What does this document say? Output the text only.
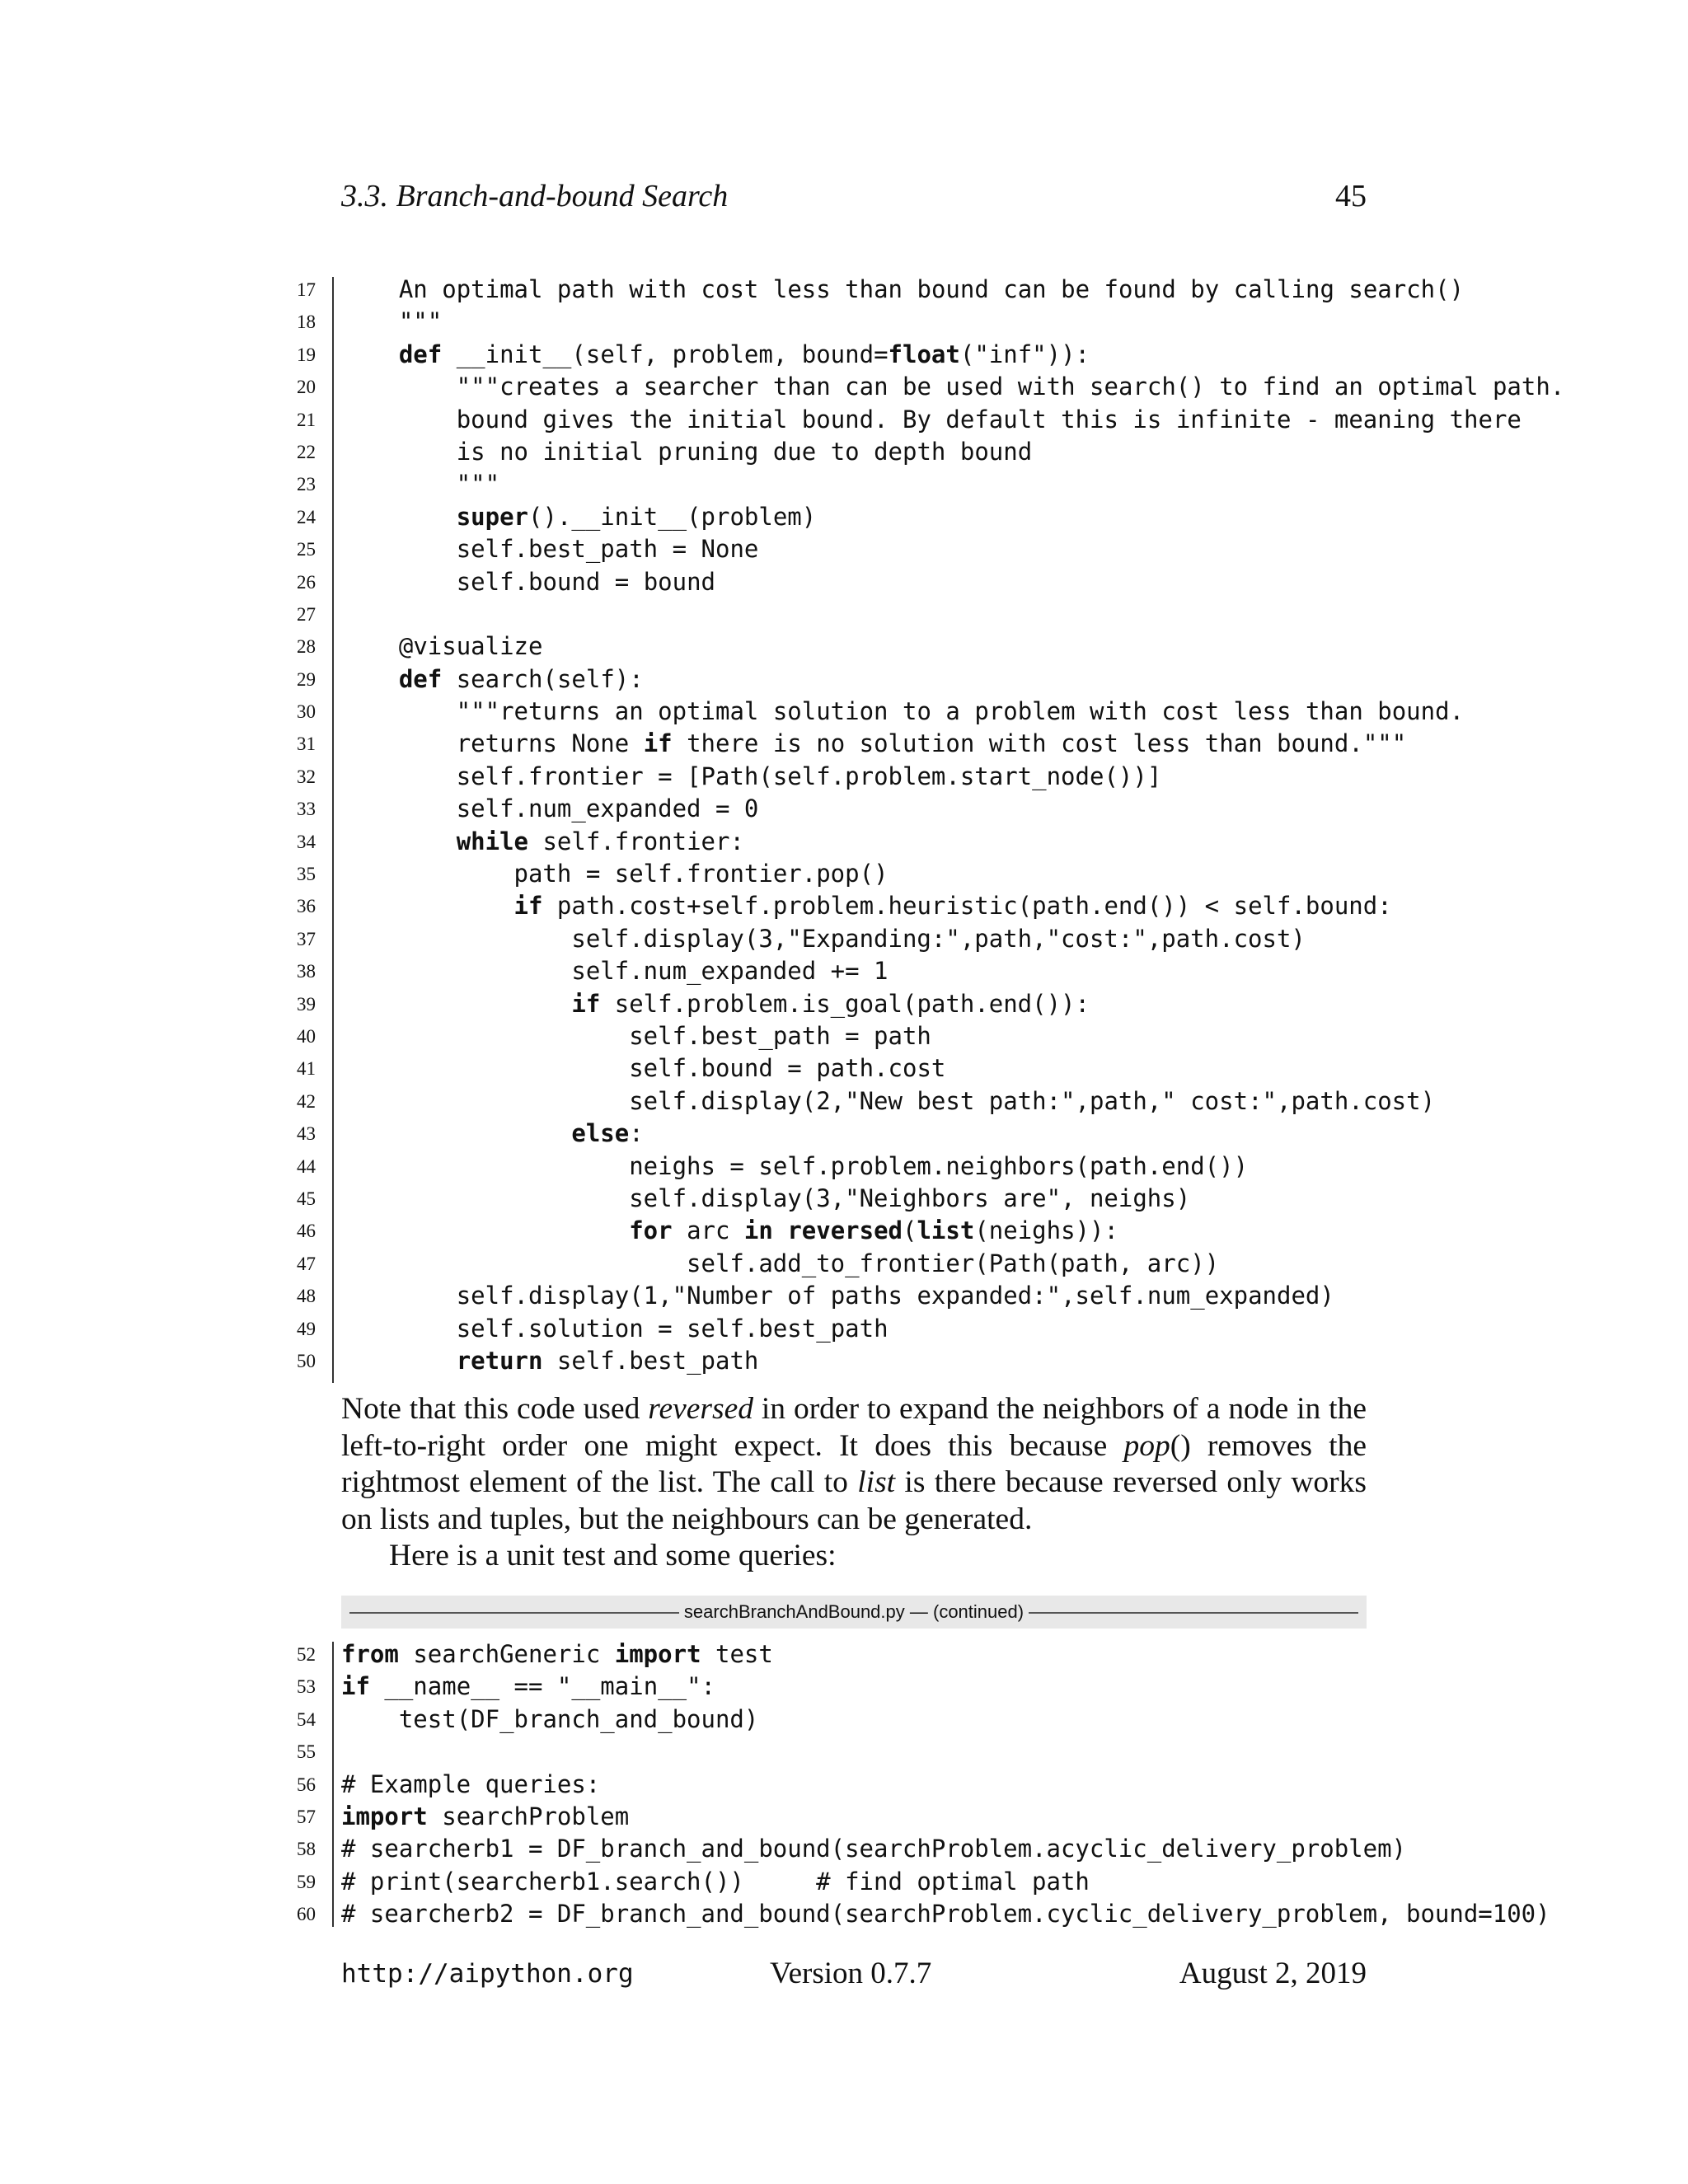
3.3. Branch-and-bound Search	45
17	An optimal path with cost less than bound can be found by calling search()
18 """
19	def __init__(self, problem, bound=float("inf")):
20 """creates a searcher than can be used with search() to find an optimal path.
21	bound gives the initial bound. By default this is infinite - meaning there
22	is no initial pruning due to depth bound
23 """
24	super().__init__(problem)
25	self.best_path = None
26	self.bound = bound
27
28 @visualize
29	def search(self):
30 """returns an optimal solution to a problem with cost less than bound.
31	returns None if there is no solution with cost less than bound."""
32	self.frontier = [Path(self.problem.start_node())]
33	self.num_expanded = 0
34	while self.frontier:
35	path = self.frontier.pop()
36	if path.cost+self.problem.heuristic(path.end()) < self.bound:
37	self.display(3,"Expanding:",path,"cost:",path.cost)
38	self.num_expanded += 1
39	if self.problem.is_goal(path.end()):
40	self.best_path = path
41	self.bound = path.cost
42	self.display(2,"New best path:",path," cost:",path.cost)
43	else:
44	neighs = self.problem.neighbors(path.end())
45	self.display(3,"Neighbors are", neighs)
46	for arc in reversed(list(neighs)):
47	self.add_to_frontier(Path(path, arc))
48	self.display(1,"Number of paths expanded:",self.num_expanded)
49	self.solution = self.best_path
50	return self.best_path

Note that this code used reversed in order to expand the neighbors of a node in the left-to-right order one might expect. It does this because pop() removes the rightmost element of the list. The call to list is there because reversed only works on lists and tuples, but the neighbours can be generated.

Here is a unit test and some queries:

searchBranchAndBound.py — (continued)
52 from searchGeneric import test
53 if __name__ == "__main__":
54	test(DF_branch_and_bound)
55
56 # Example queries:
57 import searchProblem
58 # searcherb1 = DF_branch_and_bound(searchProblem.acyclic_delivery_problem)
59 # print(searcherb1.search())     # find optimal path
60 # searcherb2 = DF_branch_and_bound(searchProblem.cyclic_delivery_problem, bound=100)
http://aipython.org	Version 0.7.7	August 2, 2019
